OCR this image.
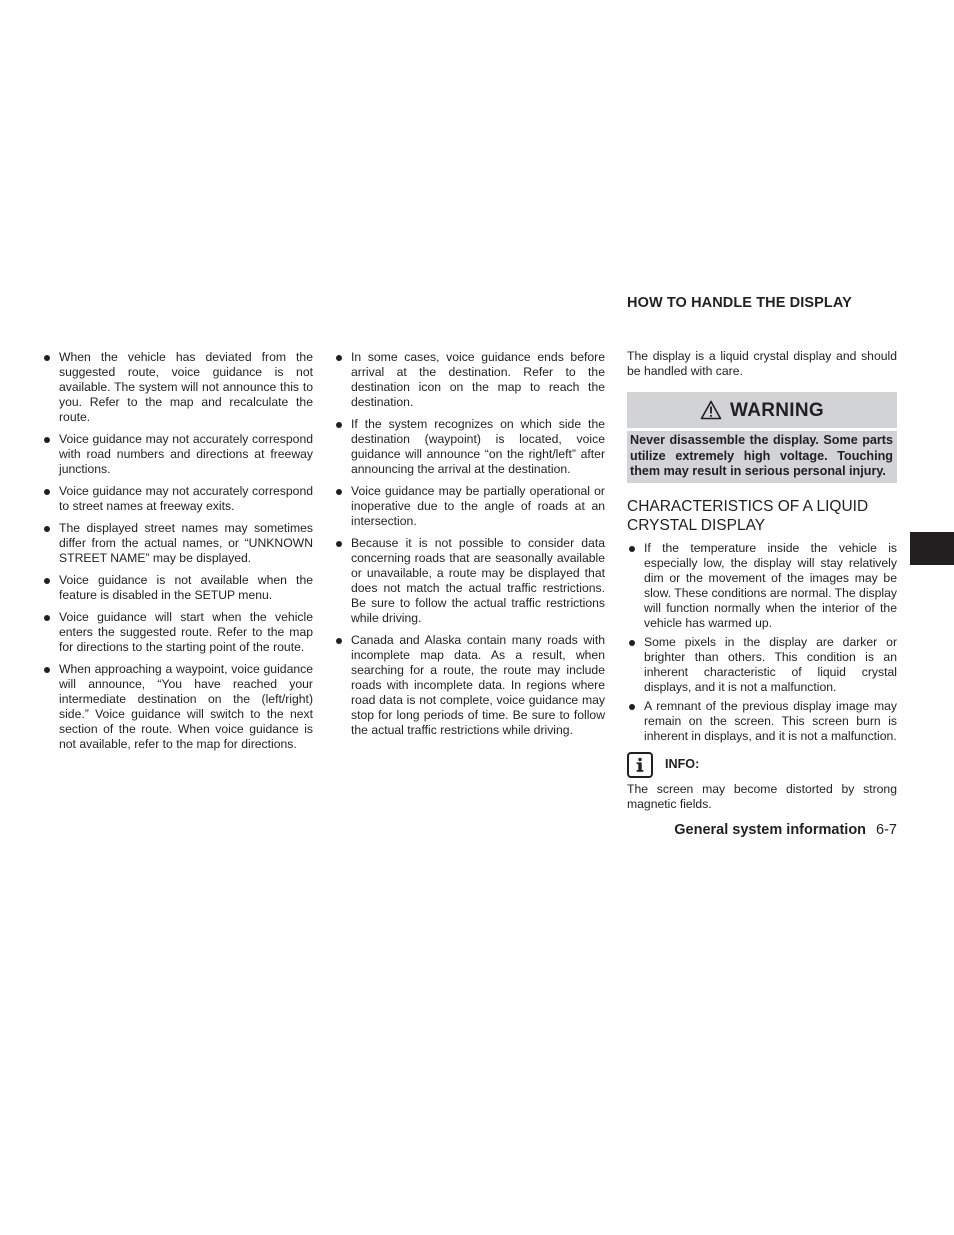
When the vehicle has deviated from the suggested route, voice guidance is not available. The system will not announce this to you. Refer to the map and recalculate the route.
Voice guidance may not accurately correspond with road numbers and directions at freeway junctions.
Voice guidance may not accurately correspond to street names at freeway exits.
The displayed street names may sometimes differ from the actual names, or “UNKNOWN STREET NAME” may be displayed.
Voice guidance is not available when the feature is disabled in the SETUP menu.
Voice guidance will start when the vehicle enters the suggested route. Refer to the map for directions to the starting point of the route.
When approaching a waypoint, voice guidance will announce, “You have reached your intermediate destination on the (left/right) side.” Voice guidance will switch to the next section of the route. When voice guidance is not available, refer to the map for directions.
In some cases, voice guidance ends before arrival at the destination. Refer to the destination icon on the map to reach the destination.
If the system recognizes on which side the destination (waypoint) is located, voice guidance will announce “on the right/left” after announcing the arrival at the destination.
Voice guidance may be partially operational or inoperative due to the angle of roads at an intersection.
Because it is not possible to consider data concerning roads that are seasonally available or unavailable, a route may be displayed that does not match the actual traffic restrictions. Be sure to follow the actual traffic restrictions while driving.
Canada and Alaska contain many roads with incomplete map data. As a result, when searching for a route, the route may include roads with incomplete data. In regions where road data is not complete, voice guidance may stop for long periods of time. Be sure to follow the actual traffic restrictions while driving.
HOW TO HANDLE THE DISPLAY

The display is a liquid crystal display and should be handled with care.

WARNING
Never disassemble the display. Some parts utilize extremely high voltage. Touching them may result in serious personal injury.
CHARACTERISTICS OF A LIQUID CRYSTAL DISPLAY
If the temperature inside the vehicle is especially low, the display will stay relatively dim or the movement of the images may be slow. These conditions are normal. The display will function normally when the interior of the vehicle has warmed up.
Some pixels in the display are darker or brighter than others. This condition is an inherent characteristic of liquid crystal displays, and it is not a malfunction.
A remnant of the previous display image may remain on the screen. This screen burn is inherent in displays, and it is not a malfunction.
INFO:

The screen may become distorted by strong magnetic fields.

General system information 6-7
